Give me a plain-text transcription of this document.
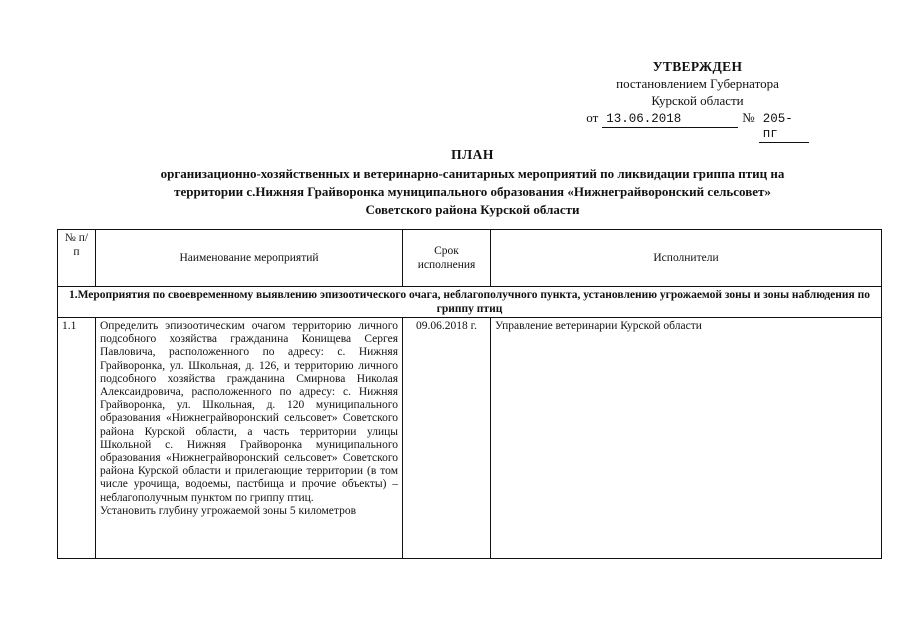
УТВЕРЖДЕН
постановлением Губернатора
Курской области
от 13.06.2018	№ 205-пг
ПЛАН
организационно-хозяйственных и ветеринарно-санитарных мероприятий по ликвидации гриппа птиц на
территории с.Нижняя Грайворонка муниципального образования «Нижнеграйворонский сельсовет»
Советского района Курской области
№ п/п	Наименование мероприятий	Срок исполнения	Исполнители
1.Мероприятия по своевременному выявлению эпизоотического очага, неблагополучного пункта, установлению угрожаемой зоны и зоны наблюдения по гриппу птиц			
1.1	Определить эпизоотическим очагом территорию личного подсобного хозяйства гражданина Конищева Сергея Павловича, расположенного по адресу: с. Нижняя Грайворонка, ул. Школьная, д. 126, и территорию личного подсобного хозяйства гражданина Смирнова Николая Алексаидровича, расположенного по адресу: с. Нижняя Грайворонка, ул. Школьная, д. 120 муниципального образования «Нижнеграйворонский сельсовет» Советского района Курской области, а часть территории улицы Школьной с. Нижняя Грайворонка муниципального образования «Нижнеграйворонский сельсовет» Советского района Курской области и прилегающие территории (в том числе урочища, водоемы, пастбища и прочие объекты) – неблагополучным пунктом по гриппу птиц.

Установить глубину угрожаемой зоны 5 километров	09.06.2018 г.	Управление ветеринарии Курской области
